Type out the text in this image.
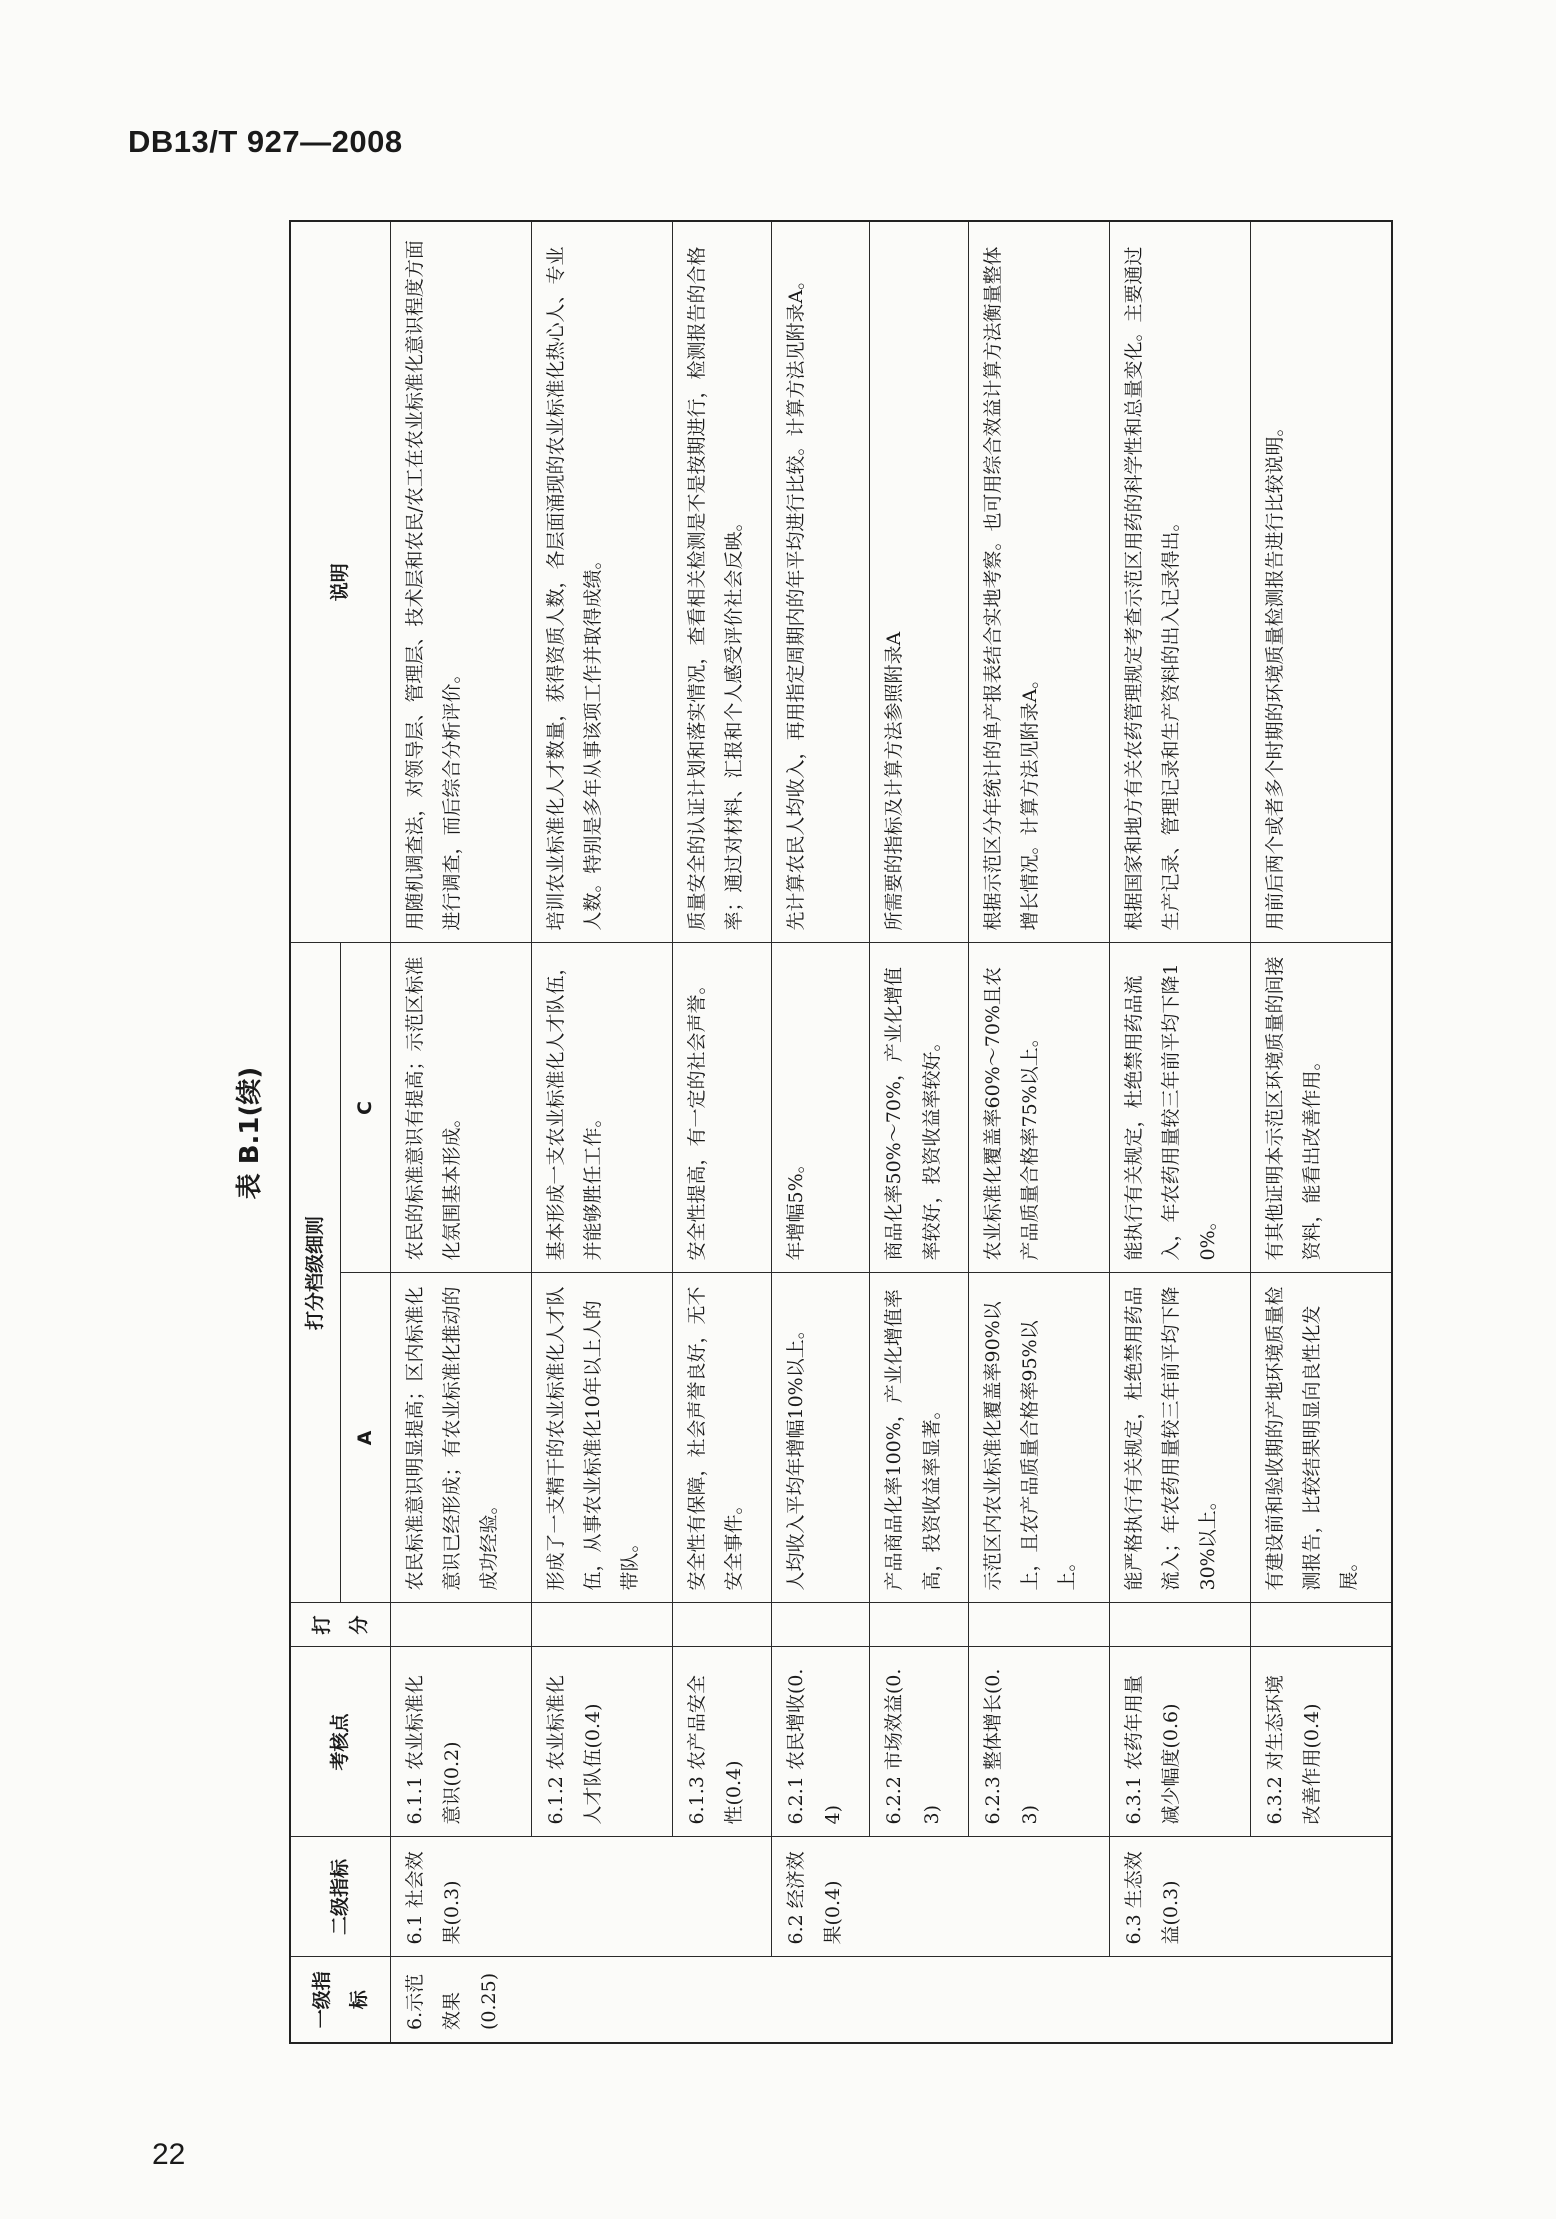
DB13/T 927—2008
表 B.1(续)
一级指标	二级指标	考核点	打分	打分档级细则		说明
				A	C	
6.示范效果(0.25)	6.1 社会效果(0.3)	6.1.1 农业标准化意识(0.2)		农民标准意识明显提高；区内标准化意识已经形成；有农业标准化推动的成功经验。	农民的标准意识有提高；示范区标准化氛围基本形成。	用随机调查法，对领导层、管理层、技术层和农民/农工在农业标准化意识程度方面进行调查，而后综合分析评价。
		6.1.2 农业标准化人才队伍(0.4)		形成了一支精干的农业标准化人才队伍，从事农业标准化10年以上人的带队。	基本形成一支农业标准化人才队伍，并能够胜任工作。	培训农业标准化人才数量，获得资质人数，各层面涌现的农业标准化热心人、专业人数。特别是多年从事该项工作并取得成绩。
		6.1.3 农产品安全性(0.4)		安全性有保障，社会声誉良好，无不安全事件。	安全性提高，有一定的社会声誉。	质量安全的认证计划和落实情况，查看相关检测是不是按期进行，检测报告的合格率；通过对材料、汇报和个人感受评价社会反映。
	6.2 经济效果(0.4)	6.2.1 农民增收(0.4)		人均收入平均年增幅10%以上。	年增幅5%。	先计算农民人均收入，再用指定周期内的年平均进行比较。计算方法见附录A。
		6.2.2 市场效益(0.3)		产品商品化率100%，产业化增值率高，投资收益率显著。	商品化率50%～70%，产业化增值率较好，投资收益率较好。	所需要的指标及计算方法参照附录A
		6.2.3 整体增长(0.3)		示范区内农业标准化覆盖率90%以上，且农产品质量合格率95%以上。	农业标准化覆盖率60%～70%且农产品质量合格率75%以上。	根据示范区分年统计的单产报表结合实地考察。也可用综合效益计算方法衡量整体增长情况。计算方法见附录A。
	6.3 生态效益(0.3)	6.3.1 农药年用量减少幅度(0.6)		能严格执行有关规定，杜绝禁用药品流入；年农药用量较三年前平均下降30%以上。	能执行有关规定，杜绝禁用药品流入，年农药用量较三年前平均下降10%。	根据国家和地方有关农药管理规定考查示范区用药的科学性和总量变化。主要通过生产记录、管理记录和生产资料的出入记录得出。
		6.3.2 对生态环境改善作用(0.4)		有建设前和验收期的产地环境质量检测报告，比较结果明显向良性化发展。	有其他证明本示范区环境质量的间接资料，能看出改善作用。	用前后两个或者多个时期的环境质量检测报告进行比较说明。
22
